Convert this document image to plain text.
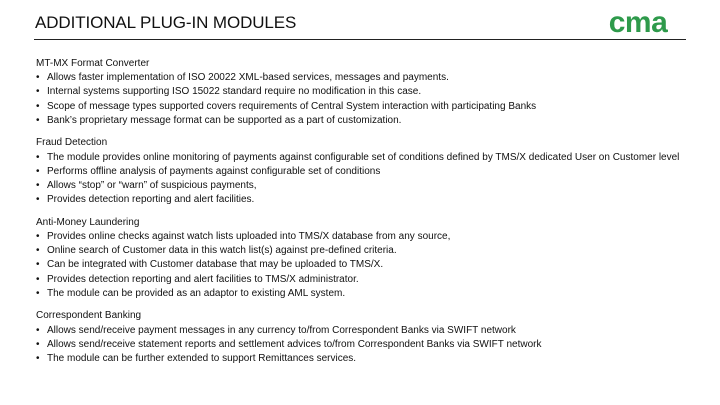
ADDITIONAL PLUG-IN MODULES	cma
MT-MX Format Converter
• Allows faster implementation of ISO 20022 XML-based services, messages and payments.
• Internal systems supporting ISO 15022 standard require no modification in this case.
• Scope of message types supported covers requirements of Central System interaction with participating Banks
• Bank’s proprietary message format can be supported as a part of customization.
Fraud Detection
• The module provides online monitoring of payments against configurable set of conditions defined by TMS/X dedicated User on Customer level
• Performs offline analysis of payments against configurable set of conditions
• Allows “stop” or “warn” of suspicious payments,
• Provides detection reporting and alert facilities.
Anti-Money Laundering
• Provides online checks against watch lists uploaded into TMS/X database from any source,
• Online search of Customer data in this watch list(s) against pre-defined criteria.
• Can be integrated with Customer database that may be uploaded to TMS/X.
• Provides detection reporting and alert facilities to TMS/X administrator.
• The module can be provided as an adaptor to existing AML system.
Correspondent Banking
• Allows send/receive payment messages in any currency to/from Correspondent Banks via SWIFT network
• Allows send/receive statement reports and settlement advices to/from Correspondent Banks via SWIFT network
• The module can be further extended to support Remittances services.
